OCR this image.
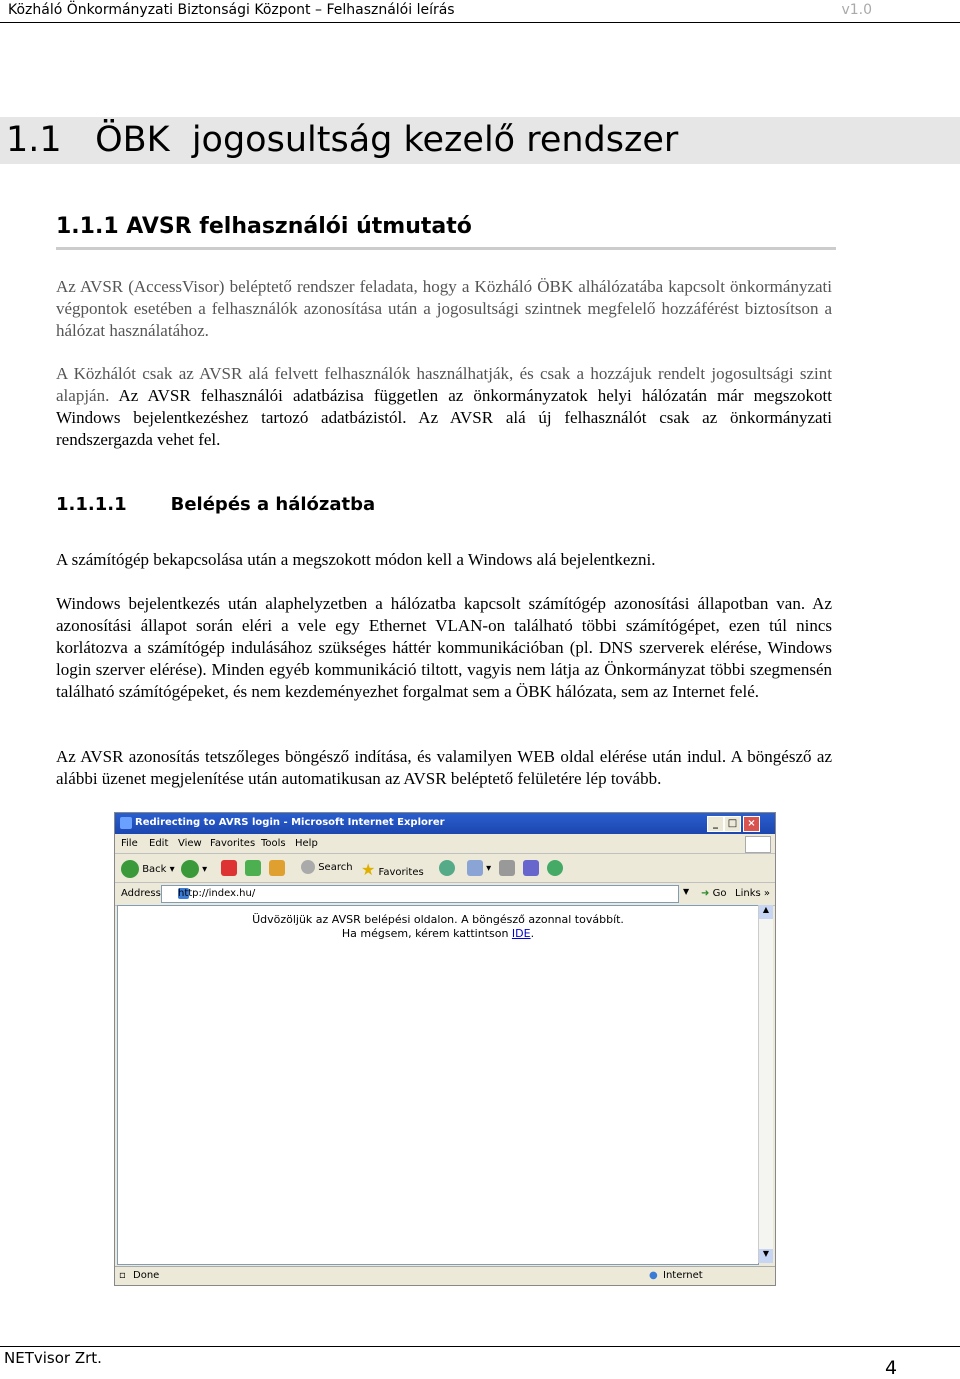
Közháló Önkormányzati Biztonsági Központ – Felhasználói leírás	v1.0
1.1 ÖBK  jogosultság kezelő rendszer
1.1.1 AVSR felhasználói útmutató

Az AVSR (AccessVisor) beléptető rendszer feladata, hogy a Közháló ÖBK alhálózatába kapcsolt önkormányzati végpontok esetében a felhasználók azonosítása után a jogosultsági szintnek megfelelő hozzáférést biztosítson a hálózat használatához.

A Közhálót csak az AVSR alá felvett felhasználók használhatják, és csak a hozzájuk rendelt jogosultsági szint alapján. Az AVSR felhasználói adatbázisa független az önkormányzatok helyi hálózatán már megszokott Windows bejelentkezéshez tartozó adatbázistól. Az AVSR alá új felhasználót csak az önkormányzati rendszergazda vehet fel.

1.1.1.1 Belépés a hálózatba

A számítógép bekapcsolása után a megszokott módon kell a Windows alá bejelentkezni.

Windows bejelentkezés után alaphelyzetben a hálózatba kapcsolt számítógép azonosítási állapotban van. Az azonosítási állapot során eléri a vele egy Ethernet VLAN-on található többi számítógépet, ezen túl nincs korlátozva a számítógép indulásához szükséges háttér kommunikációban (pl. DNS szerverek elérése, Windows login szerver elérése). Minden egyéb kommunikáció tiltott, vagyis nem látja az Önkormányzat többi szegmensén található számítógépeket, és nem kezdeményezhet forgalmat sem a ÖBK hálózata, sem az Internet felé.

Az AVSR azonosítás tetszőleges böngésző indítása, és valamilyen WEB oldal elérése után indul. A böngésző az alábbi üzenet megjelenítése után automatikusan az AVSR beléptető felületére lép tovább.

Redirecting to AVRS login - Microsoft Internet Explorer	_ □	×
File Edit View Favorites Tools Help
Back ▾	▾	Search ★ Favorites	▾
Address http://index.hu/	▼	➜ Go Links »
Üdvözöljük az AVSR belépési oldalon. A böngésző azonnal továbbít.
Ha mégsem, kérem kattintson IDE.
▲
▼
▫ Done	● Internet
NETvisor Zrt.	4
